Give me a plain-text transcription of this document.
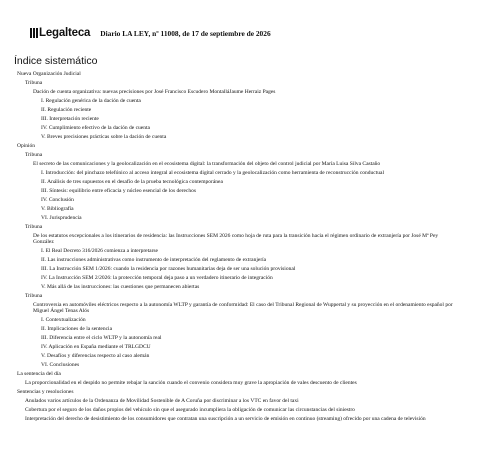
Legalteca Diario LA LEY, nº 11008, de 17 de septiembre de 2026
Índice sistemático
Nueva Organización Judicial
Tribuna
Dación de cuenta organizativa: nuevas precisiones por José Francisco Escudero MontalláJaume Herraiz Pages
I. Regulación genérica de la dación de cuenta
II. Regulación reciente
III. Interpretación reciente
IV. Cumplimiento efectivo de la dación de cuenta
V. Breves precisiones prácticas sobre la dación de cuenta
Opinión
Tribuna
El secreto de las comunicaciones y la geolocalización en el ecosistema digital: la transformación del objeto del control judicial por María Luisa Silva Castaño
I. Introducción: del pinchazo telefónico al acceso integral al ecosistema digital cerrado y la geolocalización como herramienta de reconstrucción conductual
II. Análisis de tres supuestos en el desafío de la prueba tecnológica contemporánea
III. Síntesis: equilibrio entre eficacia y núcleo esencial de los derechos
IV. Conclusión
V. Bibliografía
VI. Jurisprudencia
Tribuna
De los estatutos excepcionales a los itinerarios de residencia: las Instrucciones SEM 2026 como hoja de ruta para la transición hacia el régimen ordinario de extranjería por José Mª Pey González
I. El Real Decreto 316/2026 comienza a interpretarse
II. Las instrucciones administrativas como instrumento de interpretación del reglamento de extranjería
III. La Instrucción SEM 1/2026: cuando la residencia por razones humanitarias deja de ser una solución provisional
IV. La Instrucción SEM 2/2026: la protección temporal deja paso a un verdadero itinerario de integración
V. Más allá de las instrucciones: las cuestiones que permanecen abiertas
Tribuna
Controversia en automóviles eléctricos respecto a la autonomía WLTP y garantía de conformidad: El caso del Tribunal Regional de Wuppertal y su proyección en el ordenamiento español por Miguel Ángel Tenas Alós
I. Contextualización
II. Implicaciones de la sentencia
III. Diferencia entre el ciclo WLTP y la autonomía real
IV. Aplicación en España mediante el TRLGDCU
V. Desafíos y diferencias respecto al caso alemán
VI. Conclusiones
La sentencia del día
La proporcionalidad en el despido no permite rebajar la sanción cuando el convenio considera muy grave la apropiación de vales descuento de clientes
Sentencias y resoluciones
Anulados varios artículos de la Ordenanza de Movilidad Sostenible de A Coruña por discriminar a los VTC en favor del taxi
Cobertura por el seguro de los daños propios del vehículo sin que el asegurado incumpliera la obligación de comunicar las circunstancias del siniestro
Interpretación del derecho de desistimiento de los consumidores que contratan una suscripción a un servicio de emisión en continuo (streaming) ofrecido por una cadena de televisión
